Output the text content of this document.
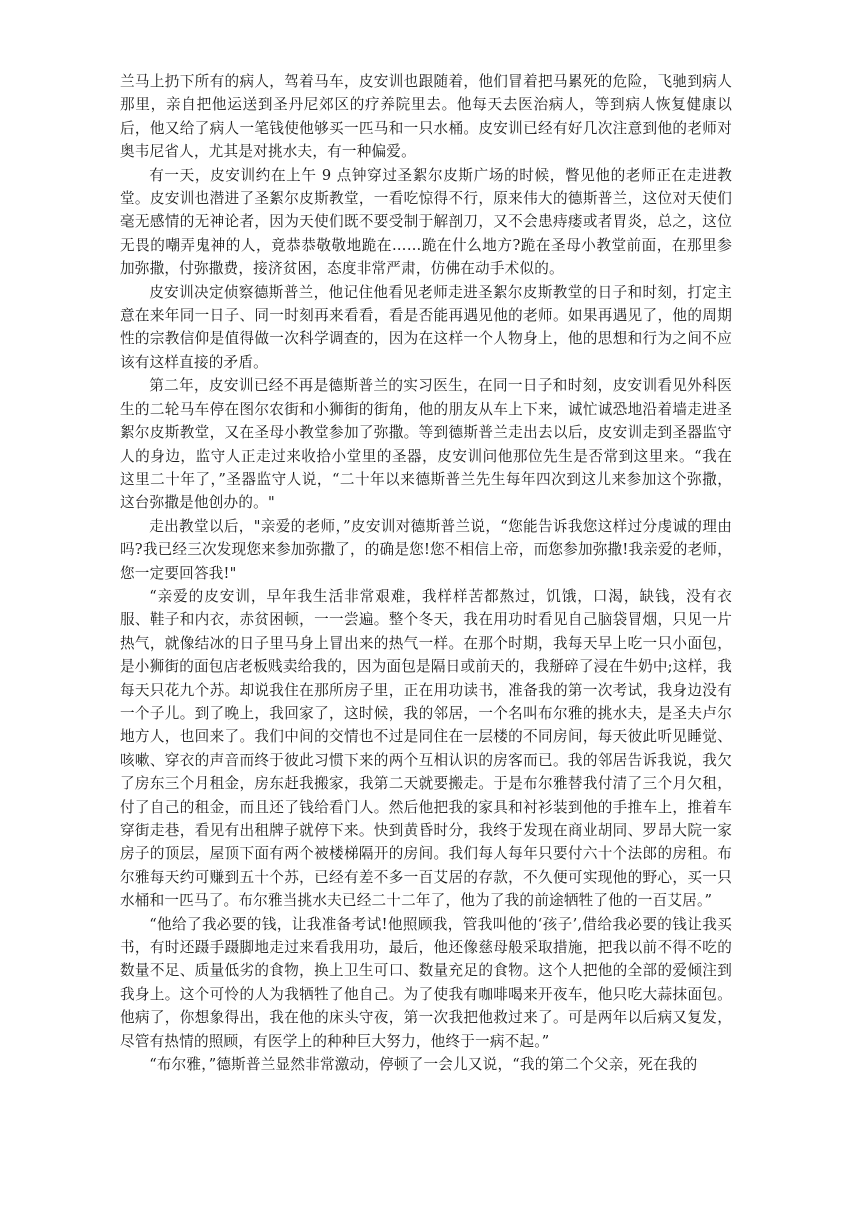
兰马上扔下所有的病人，驾着马车，皮安训也跟随着，他们冒着把马累死的危险，飞驰到病人那里，亲自把他运送到圣丹尼郊区的疗养院里去。他每天去医治病人，等到病人恢复健康以后，他又给了病人一笔钱使他够买一匹马和一只水桶。皮安训已经有好几次注意到他的老师对奥韦尼省人，尤其是对挑水夫，有一种偏爱。

有一天，皮安训约在上午 9 点钟穿过圣絮尔皮斯广场的时候，瞥见他的老师正在走进教堂。皮安训也潜进了圣絮尔皮斯教堂，一看吃惊得不行，原来伟大的德斯普兰，这位对天使们毫无感情的无神论者，因为天使们既不要受制于解剖刀，又不会患痔瘘或者胃炎，总之，这位无畏的嘲弄鬼神的人，竟恭恭敬敬地跪在……跪在什么地方?跪在圣母小教堂前面，在那里参加弥撒，付弥撒费，接济贫困，态度非常严肃，仿佛在动手术似的。

皮安训决定侦察德斯普兰，他记住他看见老师走进圣絮尔皮斯教堂的日子和时刻，打定主意在来年同一日子、同一时刻再来看看，看是否能再遇见他的老师。如果再遇见了，他的周期性的宗教信仰是值得做一次科学调查的，因为在这样一个人物身上，他的思想和行为之间不应该有这样直接的矛盾。

第二年，皮安训已经不再是德斯普兰的实习医生，在同一日子和时刻，皮安训看见外科医生的二轮马车停在图尔农街和小狮街的街角，他的朋友从车上下来，诚忙诚恐地沿着墙走进圣絮尔皮斯教堂，又在圣母小教堂参加了弥撒。等到德斯普兰走出去以后，皮安训走到圣器监守人的身边，监守人正走过来收拾小堂里的圣器，皮安训问他那位先生是否常到这里来。“我在这里二十年了，”圣器监守人说，“二十年以来德斯普兰先生每年四次到这儿来参加这个弥撒，这台弥撒是他创办的。"

走出教堂以后，"亲爱的老师，”皮安训对德斯普兰说，“您能告诉我您这样过分虔诚的理由吗?我已经三次发现您来参加弥撒了，的确是您!您不相信上帝，而您参加弥撒!我亲爱的老师，您一定要回答我!"

“亲爱的皮安训，早年我生活非常艰难，我样样苦都熬过，饥饿，口渴，缺钱，没有衣服、鞋子和内衣，赤贫困顿，一一尝遍。整个冬天，我在用功时看见自己脑袋冒烟，只见一片热气，就像结冰的日子里马身上冒出来的热气一样。在那个时期，我每天早上吃一只小面包，是小狮街的面包店老板贱卖给我的，因为面包是隔日或前天的，我掰碎了浸在牛奶中;这样，我每天只花九个苏。却说我住在那所房子里，正在用功读书，准备我的第一次考试，我身边没有一个子儿。到了晚上，我回家了，这时候，我的邻居，一个名叫布尔雅的挑水夫，是圣夫卢尔地方人，也回来了。我们中间的交情也不过是同住在一层楼的不同房间，每天彼此听见睡觉、咳嗽、穿衣的声音而终于彼此习惯下来的两个互相认识的房客而已。我的邻居告诉我说，我欠了房东三个月租金，房东赶我搬家，我第二天就要搬走。于是布尔雅替我付清了三个月欠租，付了自己的租金，而且还了钱给看门人。然后他把我的家具和衬衫装到他的手推车上，推着车穿街走巷，看见有出租牌子就停下来。快到黄昏时分，我终于发现在商业胡同、罗昂大院一家房子的顶层，屋顶下面有两个被楼梯隔开的房间。我们每人每年只要付六十个法郎的房租。布尔雅每天约可赚到五十个苏，已经有差不多一百艾居的存款，不久便可实现他的野心，买一只水桶和一匹马了。布尔雅当挑水夫已经二十二年了，他为了我的前途牺牲了他的一百艾居。”

“他给了我必要的钱，让我准备考试!他照顾我，管我叫他的‘孩子’,借给我必要的钱让我买书，有时还蹑手蹑脚地走过来看我用功，最后，他还像慈母般采取措施，把我以前不得不吃的数量不足、质量低劣的食物，换上卫生可口、数量充足的食物。这个人把他的全部的爱倾注到我身上。这个可怜的人为我牺牲了他自己。为了使我有咖啡喝来开夜车，他只吃大蒜抹面包。他病了，你想象得出，我在他的床头守夜，第一次我把他救过来了。可是两年以后病又复发，尽管有热情的照顾，有医学上的种种巨大努力，他终于一病不起。”

“布尔雅，”德斯普兰显然非常激动，停顿了一会儿又说，“我的第二个父亲，死在我的
